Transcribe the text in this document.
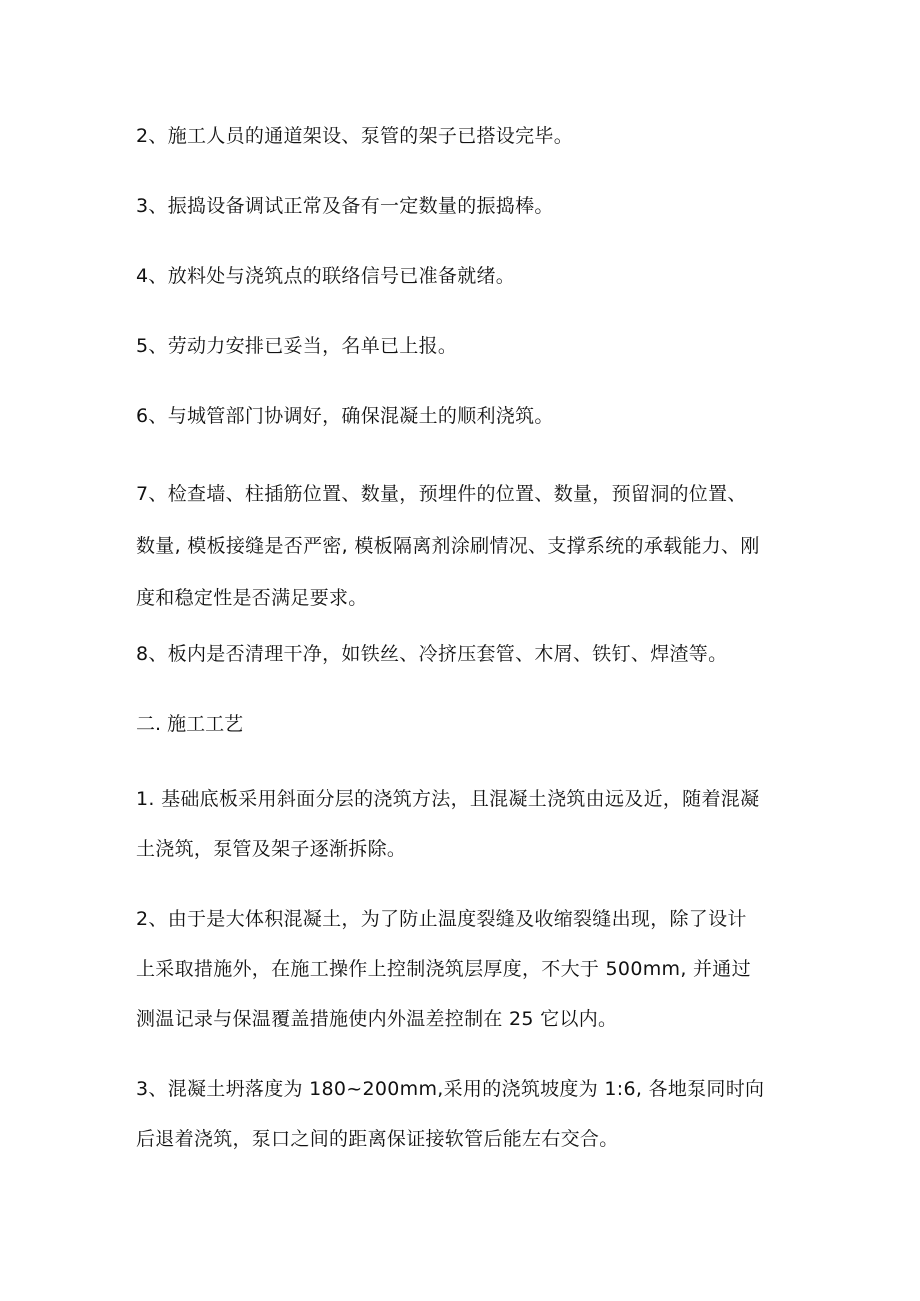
2、施工人员的通道架设、泵管的架子已搭设完毕。
3、振捣设备调试正常及备有一定数量的振捣棒。
4、放料处与浇筑点的联络信号已准备就绪。
5、劳动力安排已妥当，名单已上报。
6、与城管部门协调好，确保混凝土的顺利浇筑。
7、检查墙、柱插筋位置、数量，预埋件的位置、数量，预留洞的位置、
数量, 模板接缝是否严密, 模板隔离剂涂刷情况、支撑系统的承载能力、刚
度和稳定性是否满足要求。
8、板内是否清理干净，如铁丝、冷挤压套管、木屑、铁钉、焊渣等。
二. 施工工艺
1. 基础底板采用斜面分层的浇筑方法，且混凝土浇筑由远及近，随着混凝
土浇筑，泵管及架子逐渐拆除。
2、由于是大体积混凝土，为了防止温度裂缝及收缩裂缝出现，除了设计
上采取措施外，在施工操作上控制浇筑层厚度，不大于 500mm, 并通过
测温记录与保温覆盖措施使内外温差控制在 25 它以内。
3、混凝土坍落度为 180~200mm,采用的浇筑坡度为 1:6, 各地泵同时向
后退着浇筑，泵口之间的距离保证接软管后能左右交合。
